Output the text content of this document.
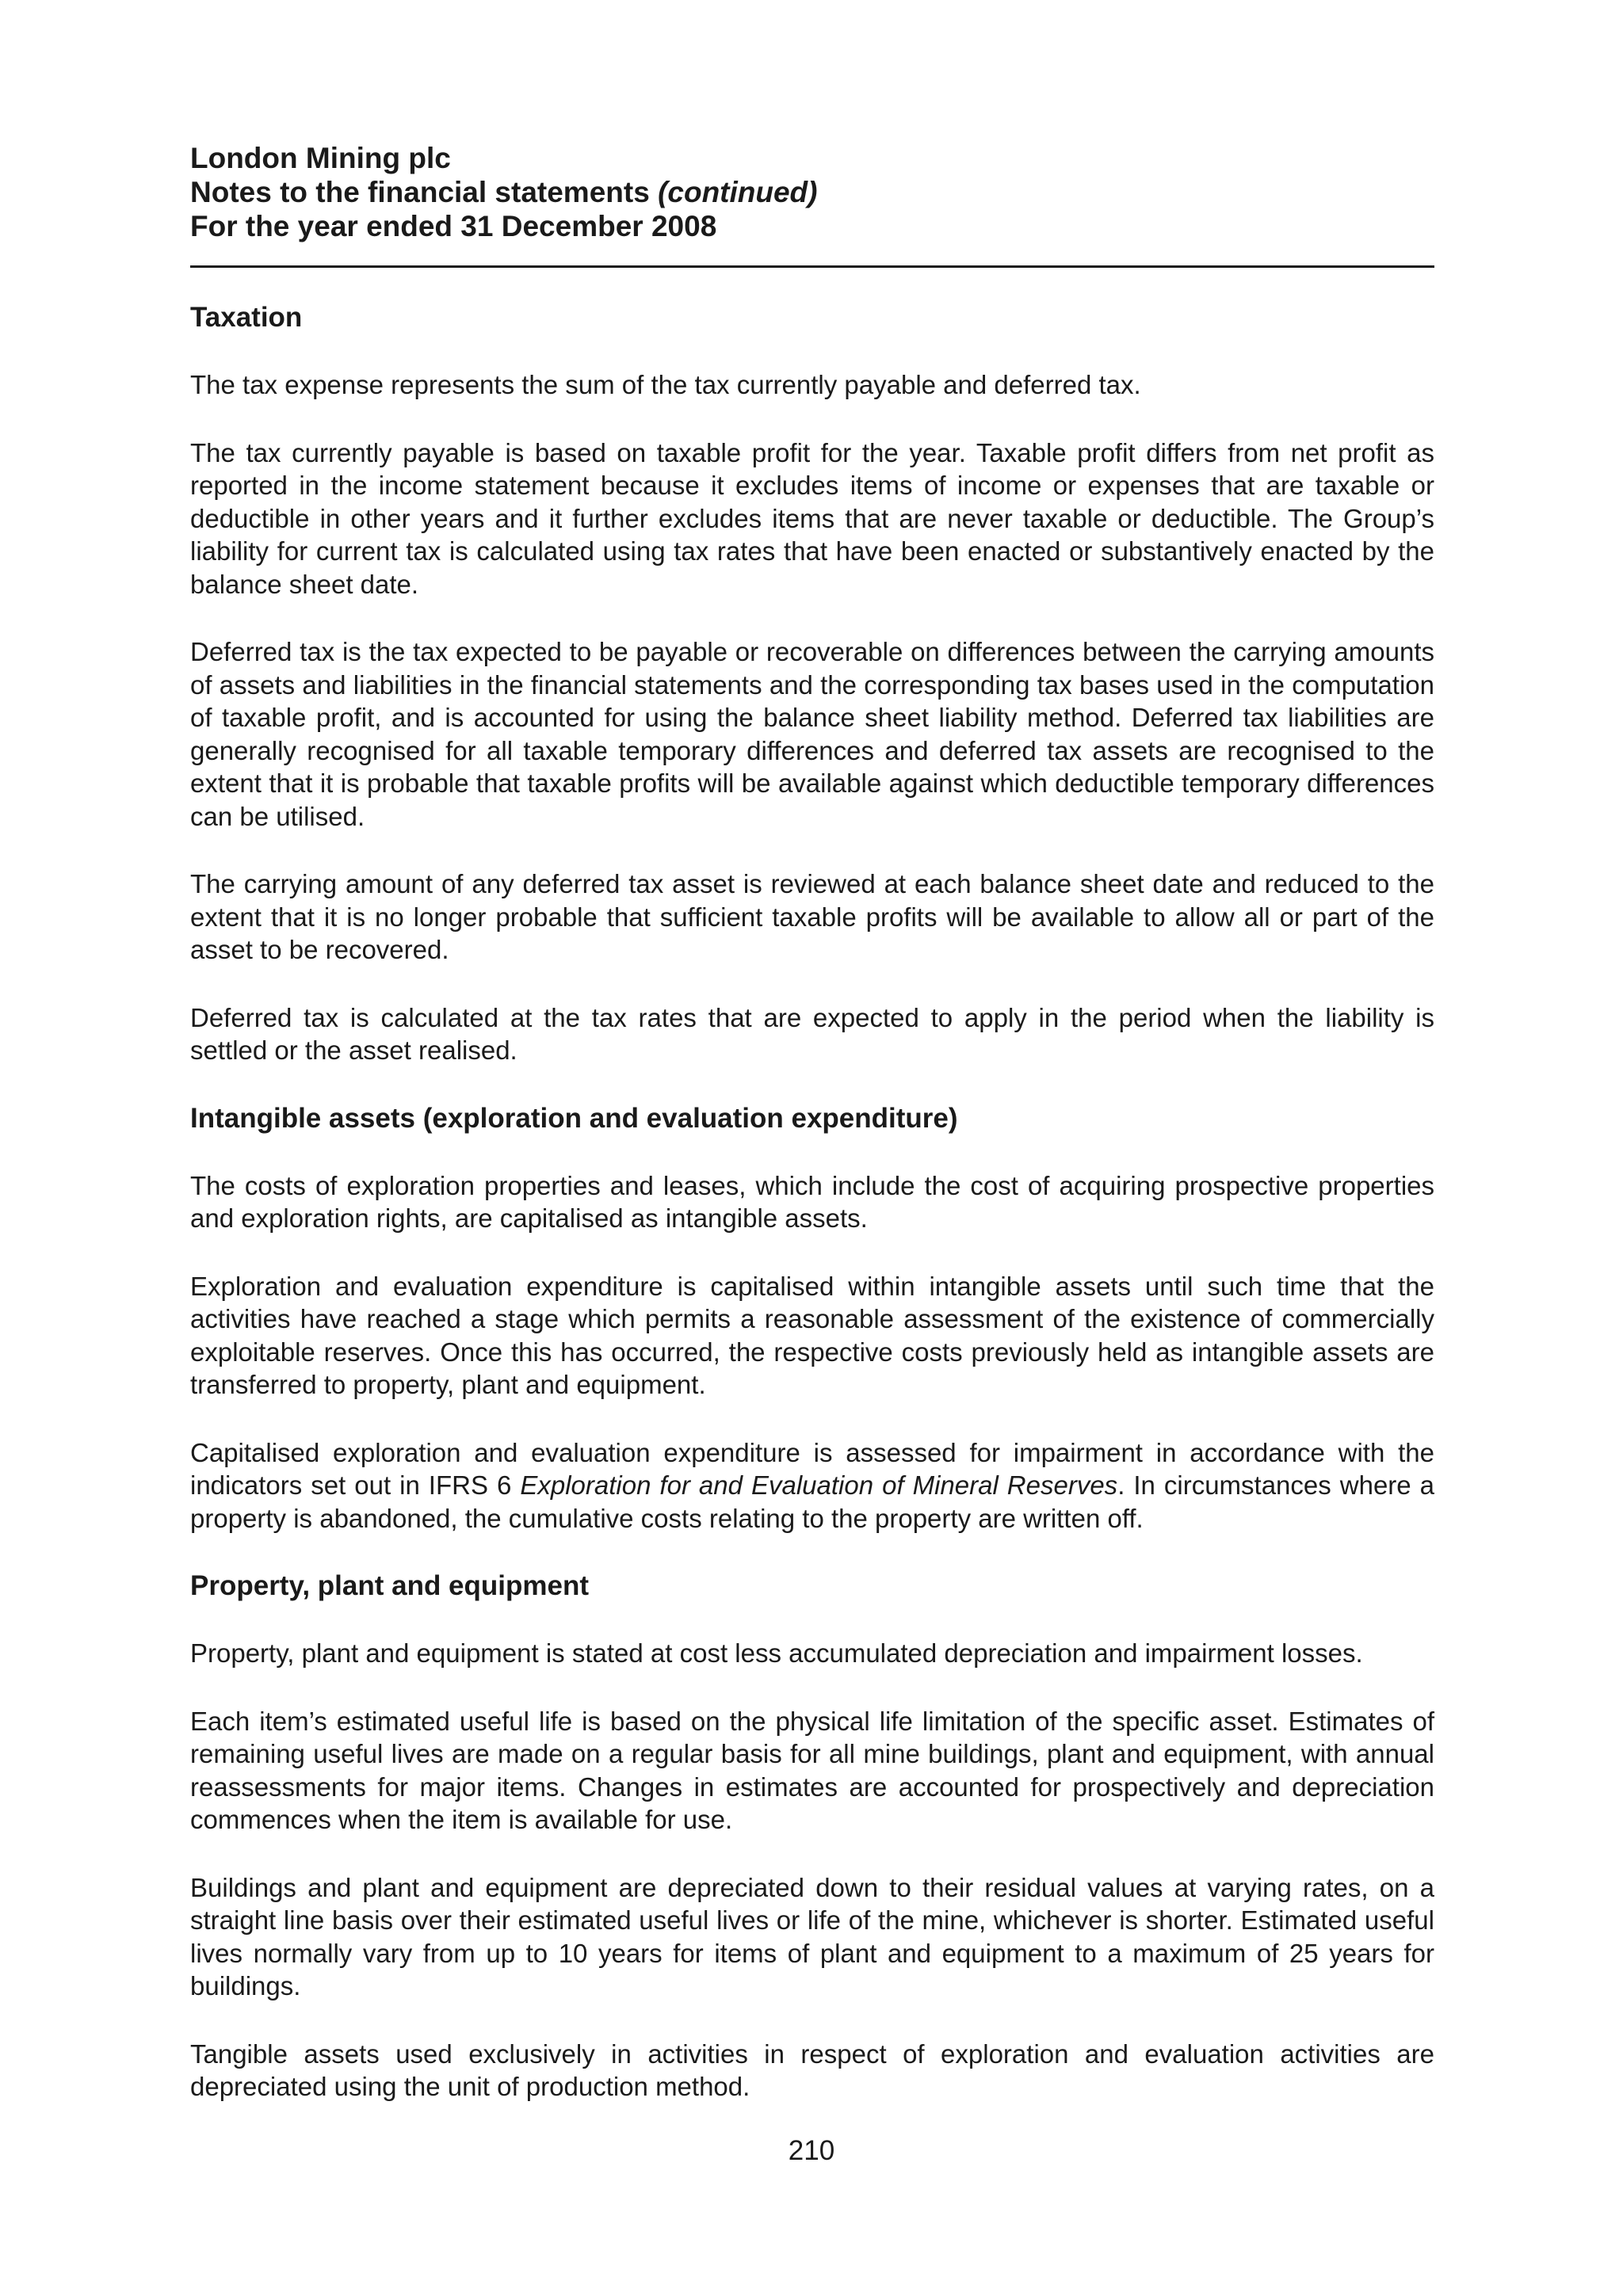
London Mining plc
Notes to the financial statements (continued)
For the year ended 31 December 2008
Taxation

The tax expense represents the sum of the tax currently payable and deferred tax.

The tax currently payable is based on taxable profit for the year. Taxable profit differs from net profit as reported in the income statement because it excludes items of income or expenses that are taxable or deductible in other years and it further excludes items that are never taxable or deductible. The Group’s liability for current tax is calculated using tax rates that have been enacted or substantively enacted by the balance sheet date.

Deferred tax is the tax expected to be payable or recoverable on differences between the carrying amounts of assets and liabilities in the financial statements and the corresponding tax bases used in the computation of taxable profit, and is accounted for using the balance sheet liability method. Deferred tax liabilities are generally recognised for all taxable temporary differences and deferred tax assets are recognised to the extent that it is probable that taxable profits will be available against which deductible temporary differences can be utilised.

The carrying amount of any deferred tax asset is reviewed at each balance sheet date and reduced to the extent that it is no longer probable that sufficient taxable profits will be available to allow all or part of the asset to be recovered.

Deferred tax is calculated at the tax rates that are expected to apply in the period when the liability is settled or the asset realised.

Intangible assets (exploration and evaluation expenditure)

The costs of exploration properties and leases, which include the cost of acquiring prospective properties and exploration rights, are capitalised as intangible assets.

Exploration and evaluation expenditure is capitalised within intangible assets until such time that the activities have reached a stage which permits a reasonable assessment of the existence of commercially exploitable reserves. Once this has occurred, the respective costs previously held as intangible assets are transferred to property, plant and equipment.

Capitalised exploration and evaluation expenditure is assessed for impairment in accordance with the indicators set out in IFRS 6 Exploration for and Evaluation of Mineral Reserves. In circumstances where a property is abandoned, the cumulative costs relating to the property are written off.

Property, plant and equipment

Property, plant and equipment is stated at cost less accumulated depreciation and impairment losses.

Each item’s estimated useful life is based on the physical life limitation of the specific asset. Estimates of remaining useful lives are made on a regular basis for all mine buildings, plant and equipment, with annual reassessments for major items. Changes in estimates are accounted for prospectively and depreciation commences when the item is available for use.

Buildings and plant and equipment are depreciated down to their residual values at varying rates, on a straight line basis over their estimated useful lives or life of the mine, whichever is shorter. Estimated useful lives normally vary from up to 10 years for items of plant and equipment to a maximum of 25 years for buildings.

Tangible assets used exclusively in activities in respect of exploration and evaluation activities are depreciated using the unit of production method.

210
